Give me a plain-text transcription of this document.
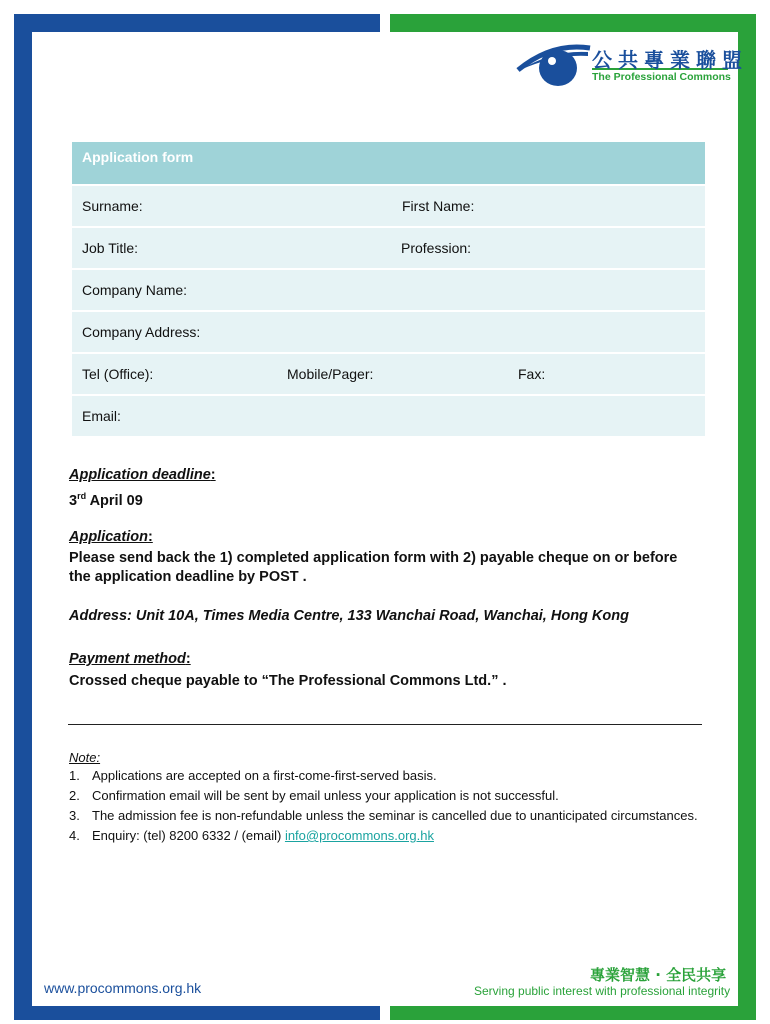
公共專業聯盟
The Professional Commons
Application form
Surname:	First Name:
Job Title:	Profession:
Company Name:
Company Address:
Tel (Office):	Mobile/Pager:	Fax:
Email:
Application deadline:
3rd April 09
Application:
Please send back the 1) completed application form with 2) payable cheque on or before the application deadline by POST .
Address: Unit 10A, Times Media Centre, 133 Wanchai Road, Wanchai, Hong Kong
Payment method:
Crossed cheque payable to “The Professional Commons Ltd.” .
Note:
1. Applications are accepted on a first-come-first-served basis.
2. Confirmation email will be sent by email unless your application is not successful.
3. The admission fee is non-refundable unless the seminar is cancelled due to unanticipated circumstances.
4. Enquiry: (tel) 8200 6332 / (email) info@procommons.org.hk
www.procommons.org.hk
專業智慧 · 全民共享
Serving public interest with professional integrity
